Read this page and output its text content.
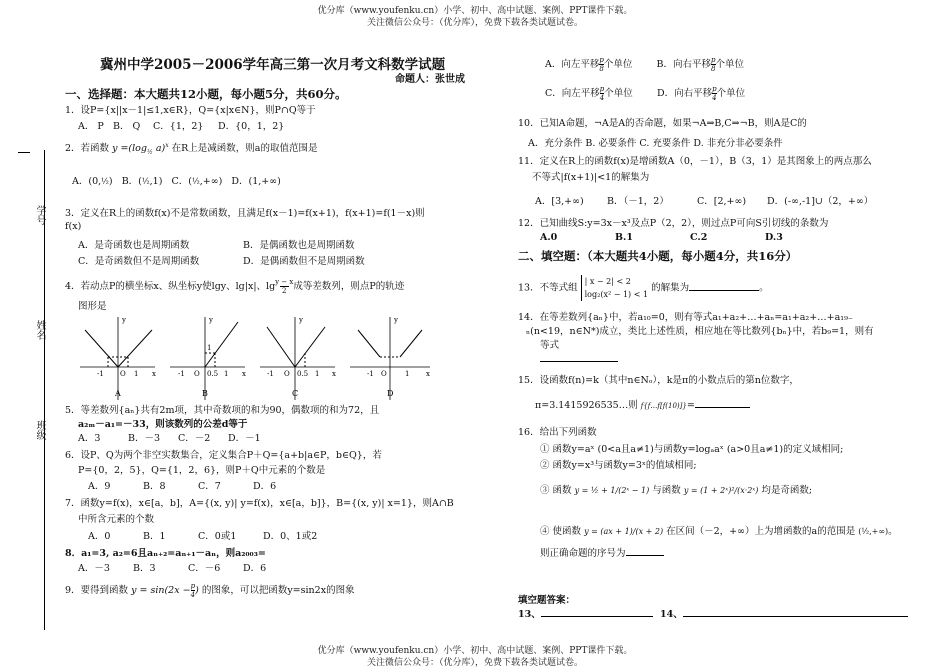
优分库（www.youfenku.cn）小学、初中、高中试题、案例、PPT课件下载。
关注微信公众号：（优分库），免费下载各类试题试卷。
优分库（www.youfenku.cn）小学、初中、高中试题、案例、PPT课件下载。
关注微信公众号：（优分库），免费下载各类试题试卷。
学号
姓名
班级
冀州中学2005－2006学年高三第一次月考文科数学试题
命题人：张世成
一、选择题：本大题共12小题，每小题5分，共60分。
1．设P={x||x－1|≤1,x∈R}，Q={x|x∈N}，则P∩Q等于
A． P B． Q C．{1，2} D．{0，1，2}
2．若函数 $y =(\log_{\frac{1}{2}}$ a)$^x$ 在R上是减函数，则a的取值范围是
A．(0,½) B．(½,1) C．(½,+∞) D．(1,+∞)
3．定义在R上的函数f(x)不是常数函数，且满足f(x－1)=f(x+1)，f(x+1)=f(1－x)则
f(x)
A．是奇函数也是周期函数	B．是偶函数也是周期函数
C．是奇函数但不是周期函数	D．是偶函数但不是周期函数
4．若动点P的横坐标x、纵坐标y使lgy、lg|x|、lgy − x
2 成等差数列，则点P的轨迹
图形是
y
x
-1 O 1
A
y
x
-1 O 0.5 1
1
B
y
x
-1 O 0.5 1
C
y
x
-1 O	1
D
5．等差数列{aₙ}共有2m项，其中奇数项的和为90，偶数项的和为72，且
a₂ₘ－a₁=－33，则该数列的公差d等于
A．3	B．－3 C．－2 D．－1
6．设P、Q为两个非空实数集合，定义集合P＋Q={a+b|a∈P，b∈Q}，若
P={0，2，5}，Q={1，2，6}，则P＋Q中元素的个数是
A．9	B．8	C．7	D．6
7．函数y=f(x)，x∈[a，b]，A={(x, y)| y=f(x)，x∈[a，b]}，B={(x, y)| x=1}，则A∩B
中所含元素的个数
A．0	B．1	C．0或1	D．0、1或2
8．a₁=3, a₂=6且aₙ₊₂=aₙ₊₁－aₙ，则a₂₀₀₃=
A．－3 B．3	C．－6 D．6
9．要得到函数 y = sin(2x −p
4) 的图象，可以把函数y=sin2x的图象
A．向左平移p
8个单位	B．向右平移p
8个单位
C．向左平移p
4个单位	D．向右平移p
4个单位
10．已知A命题，¬A是A的否命题，如果¬A⇒B,C⇒¬B，则A是C的
A．充分条件 B. 必要条件 C. 充要条件 D. 非充分非必要条件
11．定义在R上的函数f(x)是增函数A（0，－1），B（3，1）是其图象上的两点那么
不等式|f(x+1)|<1的解集为
A．[3,+∞) B．（－1，2）	C．[2,+∞) D．(-∞,-1]∪（2，+∞）
12．已知曲线S:y=3x－x³及点P（2，2），则过点P可向S引切线的条数为
A.0	B.1	C.2	D.3
二、填空题：（本大题共4小题，每小题4分，共16分）
13．不等式组 | x − 2| < 2
log₂(x² − 1) < 1 的解集为	。
14．在等差数列{aₙ}中，若a₁₀=0，则有等式a₁+a₂+…+aₙ=a₁+a₂+…+a₁₉₋
ₙ(n<19，n∈N*)成立，类比上述性质，相应地在等比数列{bₙ}中，若b₉=1，则有
等式
15．设函数f(n)=k（其中n∈Nₒ），k是π的小数点后的第n位数字，
π=3.1415926535…则 f{f…f[f(10)]}=
16．给出下列函数
① 函数y=aˣ (0<a且a≠1)与函数y=logₐaˣ (a>0且a≠1)的定义域相同;
② 函数y=x³与函数y=3ˣ的值域相同;
③ 函数 y = ½ + 1/(2ˣ − 1) 与函数 y = (1 + 2ˣ)²/(x·2ˣ) 均是奇函数;
④ 使函数 y = (ax + 1)/(x + 2) 在区间（－2，+∞）上为增函数的a的范围是 (½,+∞)。
则正确命题的序号为
填空题答案：
13、	14、
